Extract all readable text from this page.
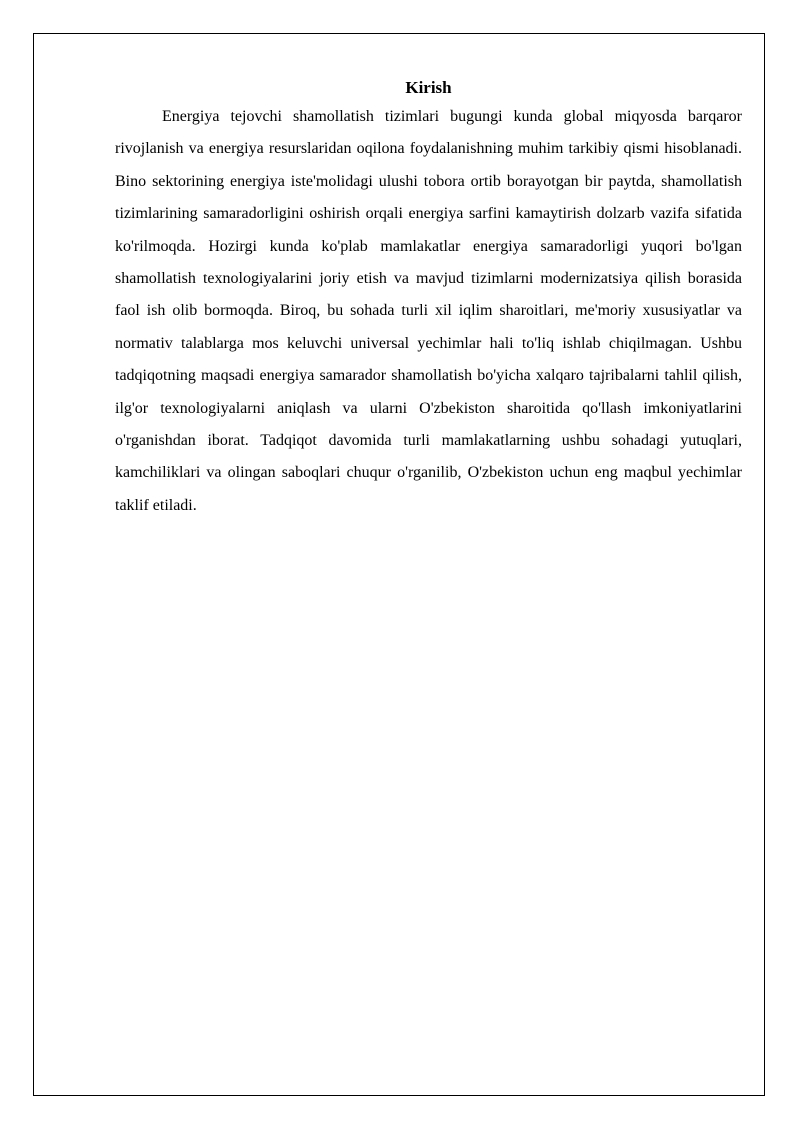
Kirish

Energiya tejovchi shamollatish tizimlari bugungi kunda global miqyosda barqaror rivojlanish va energiya resurslaridan oqilona foydalanishning muhim tarkibiy qismi hisoblanadi. Bino sektorining energiya iste'molidagi ulushi tobora ortib borayotgan bir paytda, shamollatish tizimlarining samaradorligini oshirish orqali energiya sarfini kamaytirish dolzarb vazifa sifatida ko'rilmoqda. Hozirgi kunda ko'plab mamlakatlar energiya samaradorligi yuqori bo'lgan shamollatish texnologiyalarini joriy etish va mavjud tizimlarni modernizatsiya qilish borasida faol ish olib bormoqda. Biroq, bu sohada turli xil iqlim sharoitlari, me'moriy xususiyatlar va normativ talablarga mos keluvchi universal yechimlar hali to'liq ishlab chiqilmagan. Ushbu tadqiqotning maqsadi energiya samarador shamollatish bo'yicha xalqaro tajribalarni tahlil qilish, ilg'or texnologiyalarni aniqlash va ularni O'zbekiston sharoitida qo'llash imkoniyatlarini o'rganishdan iborat. Tadqiqot davomida turli mamlakatlarning ushbu sohadagi yutuqlari, kamchiliklari va olingan saboqlari chuqur o'rganilib, O'zbekiston uchun eng maqbul yechimlar taklif etiladi.
